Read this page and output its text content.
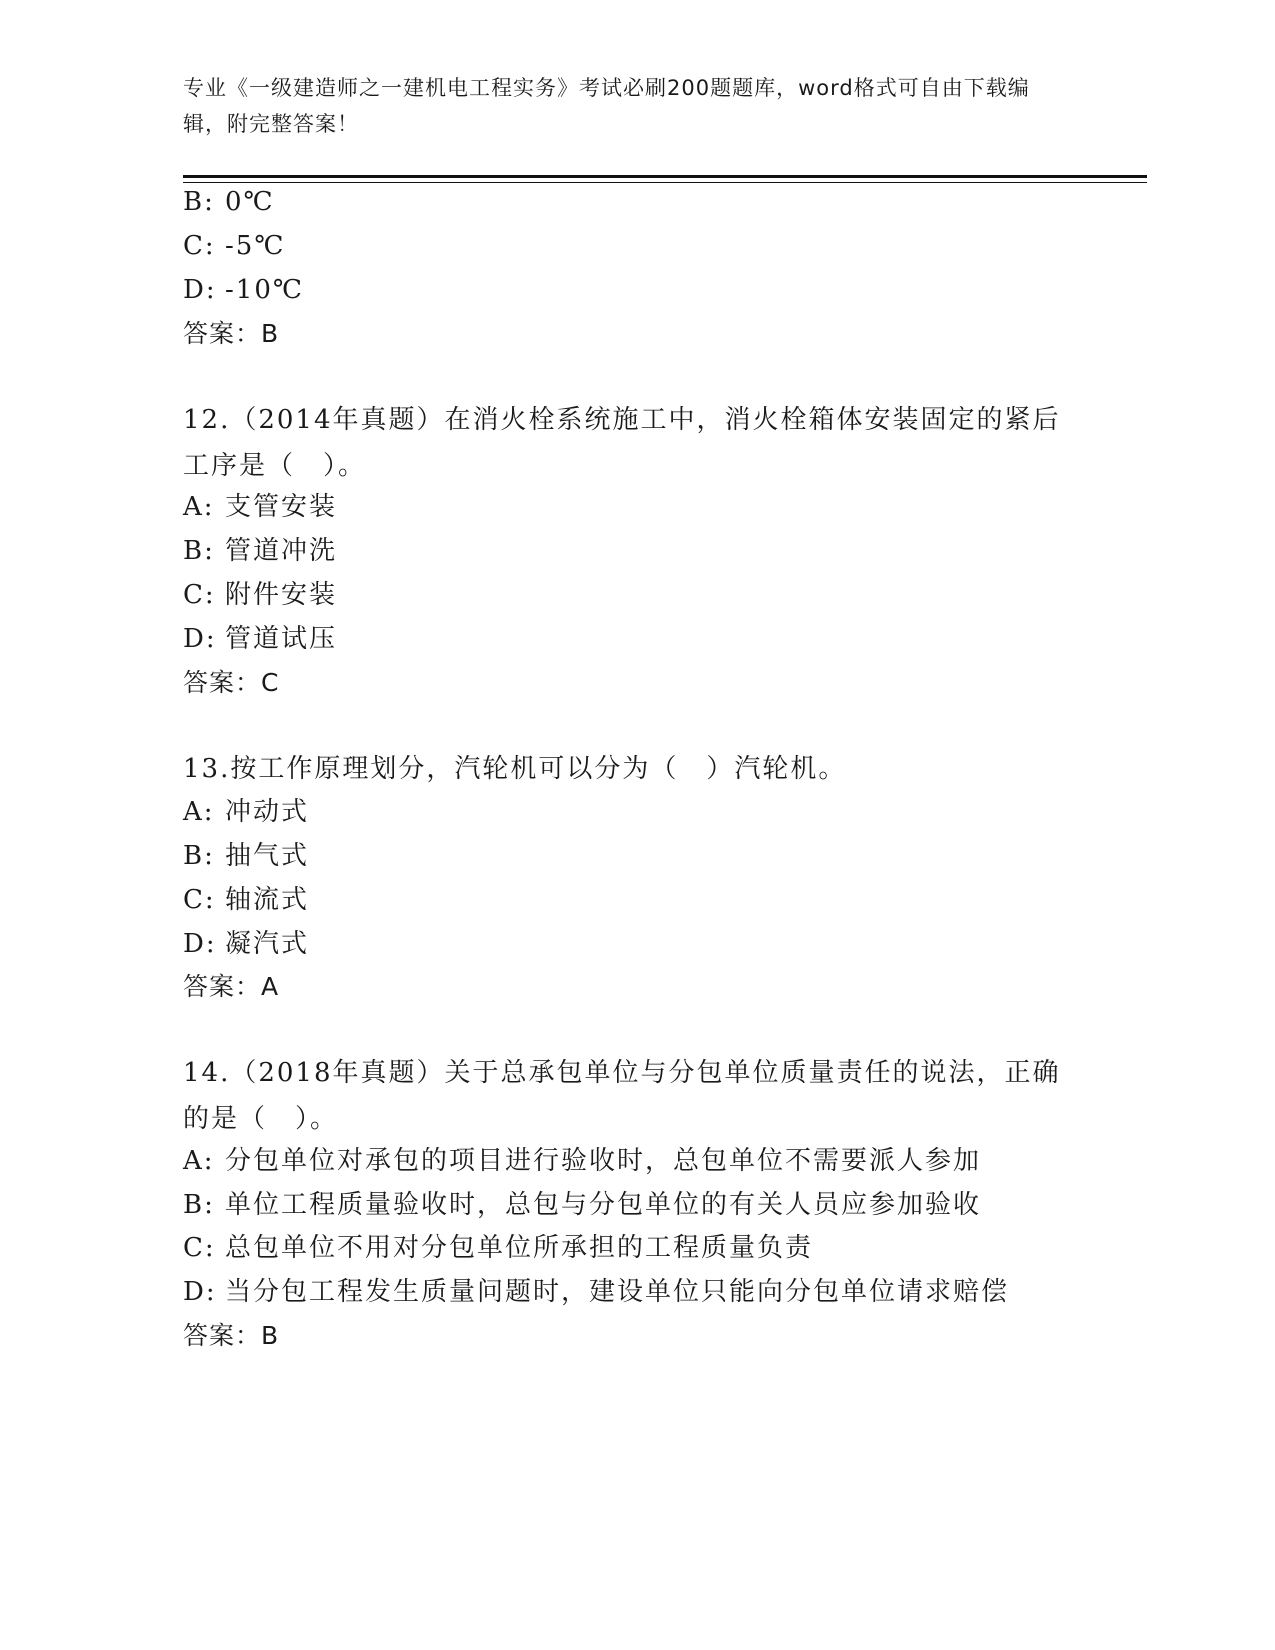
专业《一级建造师之一建机电工程实务》考试必刷200题题库，word格式可自由下载编辑，附完整答案！
B: 0℃
C: -5℃
D: -10℃
答案：B
12.（2014年真题）在消火栓系统施工中，消火栓箱体安装固定的紧后工序是（　）。
A: 支管安装
B: 管道冲洗
C: 附件安装
D: 管道试压
答案：C
13.按工作原理划分，汽轮机可以分为（　）汽轮机。
A: 冲动式
B: 抽气式
C: 轴流式
D: 凝汽式
答案：A
14.（2018年真题）关于总承包单位与分包单位质量责任的说法，正确的是（　）。
A: 分包单位对承包的项目进行验收时，总包单位不需要派人参加
B: 单位工程质量验收时，总包与分包单位的有关人员应参加验收
C: 总包单位不用对分包单位所承担的工程质量负责
D: 当分包工程发生质量问题时，建设单位只能向分包单位请求赔偿
答案：B
